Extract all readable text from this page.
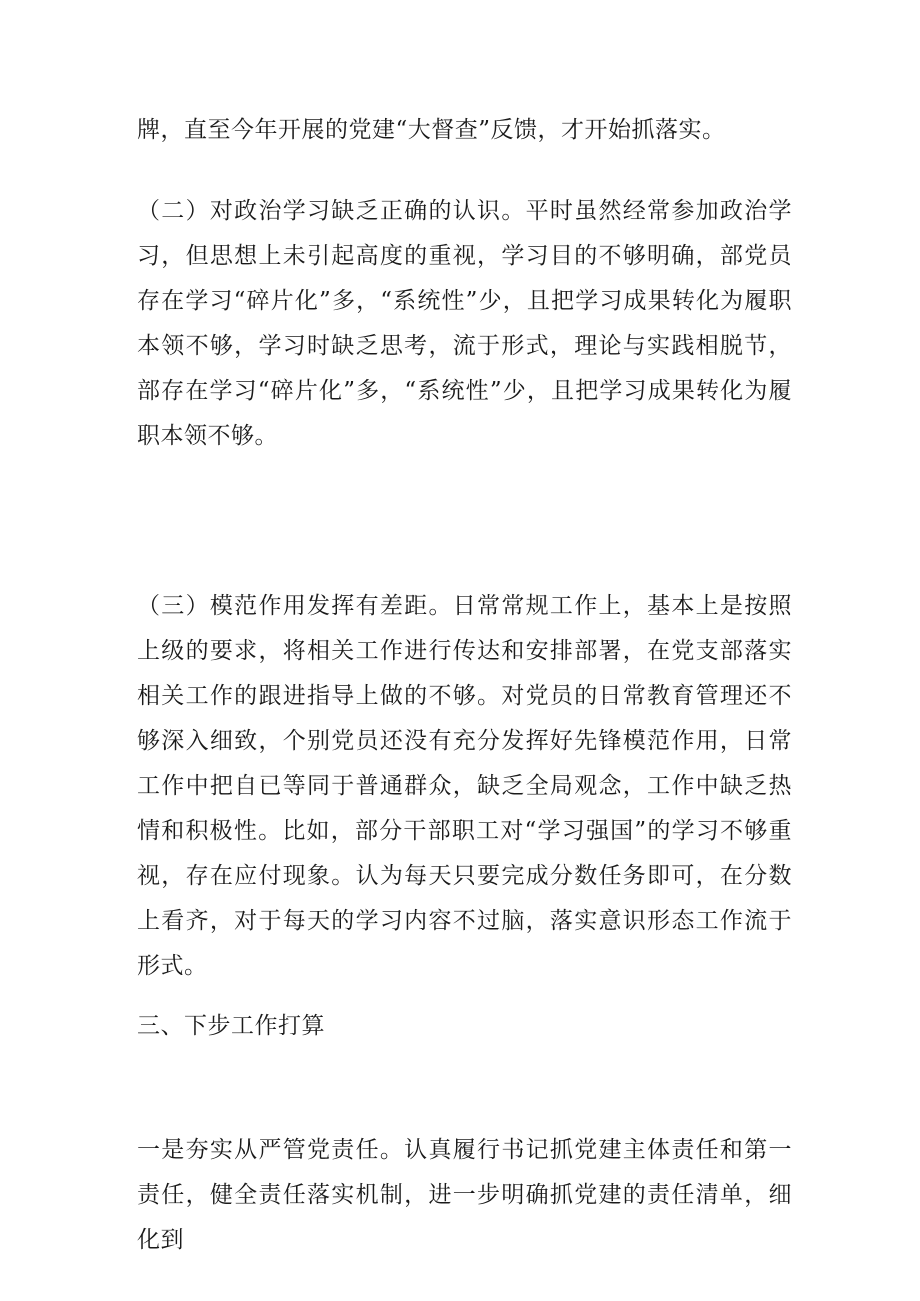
牌，直至今年开展的党建“大督查”反馈，才开始抓落实。

（二）对政治学习缺乏正确的认识。平时虽然经常参加政治学习，但思想上未引起高度的重视，学习目的不够明确，部党员存在学习“碎片化”多，“系统性”少，且把学习成果转化为履职本领不够，学习时缺乏思考，流于形式，理论与实践相脱节，部存在学习“碎片化”多，“系统性”少，且把学习成果转化为履职本领不够。

（三）模范作用发挥有差距。日常常规工作上，基本上是按照上级的要求，将相关工作进行传达和安排部署，在党支部落实相关工作的跟进指导上做的不够。对党员的日常教育管理还不够深入细致，个别党员还没有充分发挥好先锋模范作用，日常工作中把自已等同于普通群众，缺乏全局观念，工作中缺乏热情和积极性。比如，部分干部职工对“学习强国”的学习不够重视，存在应付现象。认为每天只要完成分数任务即可，在分数上看齐，对于每天的学习内容不过脑，落实意识形态工作流于形式。

三、下步工作打算

一是夯实从严管党责任。认真履行书记抓党建主体责任和第一责任，健全责任落实机制，进一步明确抓党建的责任清单，细化到
